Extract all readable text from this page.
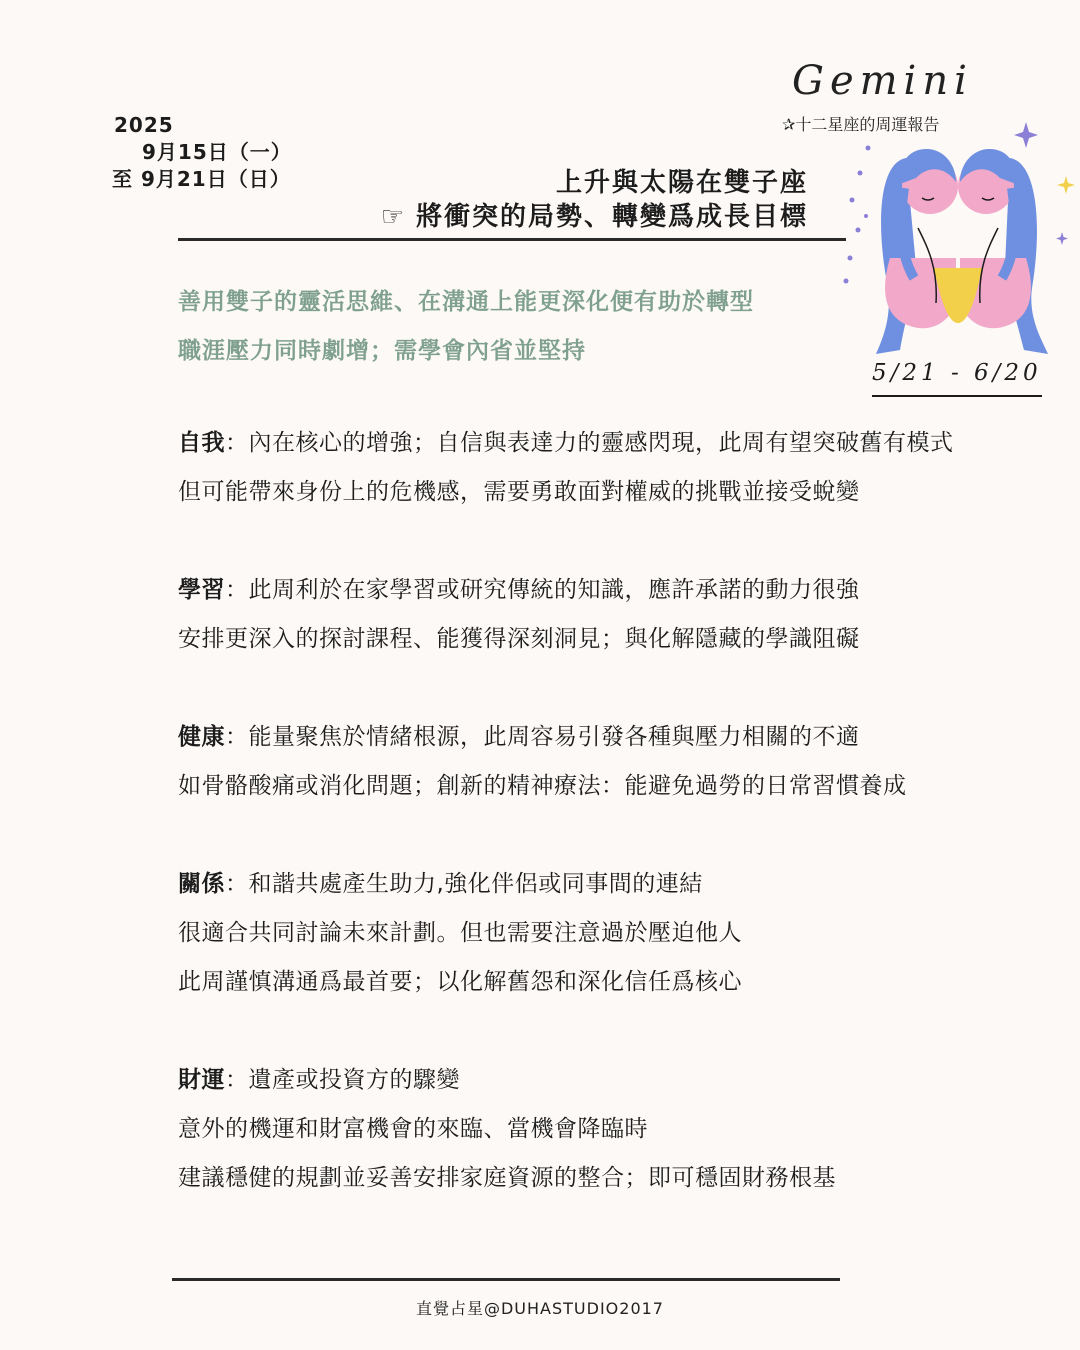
2025
9月15日（一）
至 9月21日（日）
Gemini
✰十二星座的周運報告
上升與太陽在雙子座
☞ 將衝突的局勢、轉變爲成長目標
善用雙子的靈活思維、在溝通上能更深化便有助於轉型
職涯壓力同時劇增；需學會內省並堅持
5/21 - 6/20
自我：內在核心的增強；自信與表達力的靈感閃現，此周有望突破舊有模式
但可能帶來身份上的危機感，需要勇敢面對權威的挑戰並接受蛻變
學習：此周利於在家學習或研究傳統的知識，應許承諾的動力很強
安排更深入的探討課程、能獲得深刻洞見；與化解隱藏的學識阻礙
健康：能量聚焦於情緒根源，此周容易引發各種與壓力相關的不適
如骨骼酸痛或消化問題；創新的精神療法：能避免過勞的日常習慣養成
關係：和諧共處產生助力,強化伴侶或同事間的連結
很適合共同討論未來計劃。但也需要注意過於壓迫他人
此周謹慎溝通爲最首要；以化解舊怨和深化信任爲核心
財運：遺產或投資方的驟變
意外的機運和財富機會的來臨、當機會降臨時
建議穩健的規劃並妥善安排家庭資源的整合；即可穩固財務根基
直覺占星@DUHASTUDIO2017
